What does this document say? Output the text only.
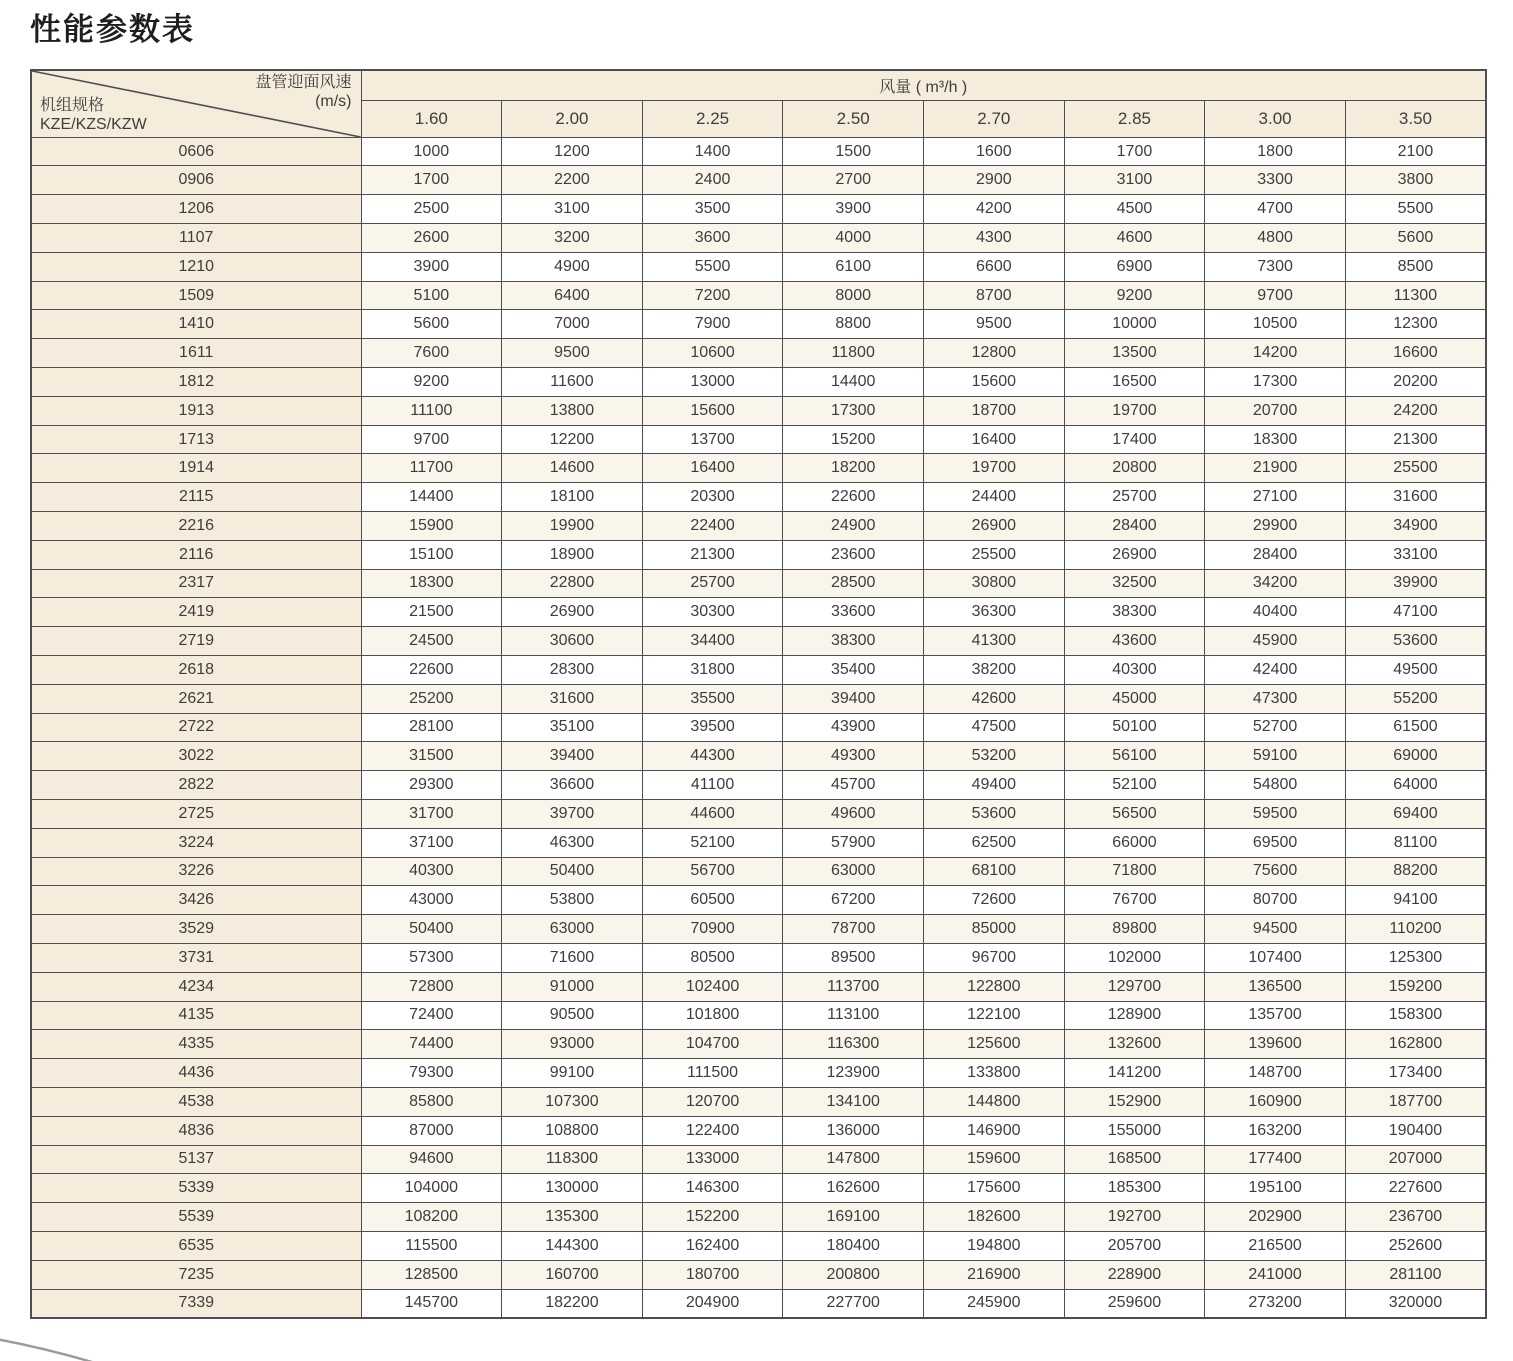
性能参数表
盘管迎面风速
(m/s)
机组规格
KZE/KZS/KZW	风量 ( m³/h )							
	1.60	2.00	2.25	2.50	2.70	2.85	3.00	3.50
0606	1000	1200	1400	1500	1600	1700	1800	2100
0906	1700	2200	2400	2700	2900	3100	3300	3800
1206	2500	3100	3500	3900	4200	4500	4700	5500
1107	2600	3200	3600	4000	4300	4600	4800	5600
1210	3900	4900	5500	6100	6600	6900	7300	8500
1509	5100	6400	7200	8000	8700	9200	9700	11300
1410	5600	7000	7900	8800	9500	10000	10500	12300
1611	7600	9500	10600	11800	12800	13500	14200	16600
1812	9200	11600	13000	14400	15600	16500	17300	20200
1913	11100	13800	15600	17300	18700	19700	20700	24200
1713	9700	12200	13700	15200	16400	17400	18300	21300
1914	11700	14600	16400	18200	19700	20800	21900	25500
2115	14400	18100	20300	22600	24400	25700	27100	31600
2216	15900	19900	22400	24900	26900	28400	29900	34900
2116	15100	18900	21300	23600	25500	26900	28400	33100
2317	18300	22800	25700	28500	30800	32500	34200	39900
2419	21500	26900	30300	33600	36300	38300	40400	47100
2719	24500	30600	34400	38300	41300	43600	45900	53600
2618	22600	28300	31800	35400	38200	40300	42400	49500
2621	25200	31600	35500	39400	42600	45000	47300	55200
2722	28100	35100	39500	43900	47500	50100	52700	61500
3022	31500	39400	44300	49300	53200	56100	59100	69000
2822	29300	36600	41100	45700	49400	52100	54800	64000
2725	31700	39700	44600	49600	53600	56500	59500	69400
3224	37100	46300	52100	57900	62500	66000	69500	81100
3226	40300	50400	56700	63000	68100	71800	75600	88200
3426	43000	53800	60500	67200	72600	76700	80700	94100
3529	50400	63000	70900	78700	85000	89800	94500	110200
3731	57300	71600	80500	89500	96700	102000	107400	125300
4234	72800	91000	102400	113700	122800	129700	136500	159200
4135	72400	90500	101800	113100	122100	128900	135700	158300
4335	74400	93000	104700	116300	125600	132600	139600	162800
4436	79300	99100	111500	123900	133800	141200	148700	173400
4538	85800	107300	120700	134100	144800	152900	160900	187700
4836	87000	108800	122400	136000	146900	155000	163200	190400
5137	94600	118300	133000	147800	159600	168500	177400	207000
5339	104000	130000	146300	162600	175600	185300	195100	227600
5539	108200	135300	152200	169100	182600	192700	202900	236700
6535	115500	144300	162400	180400	194800	205700	216500	252600
7235	128500	160700	180700	200800	216900	228900	241000	281100
7339	145700	182200	204900	227700	245900	259600	273200	320000
